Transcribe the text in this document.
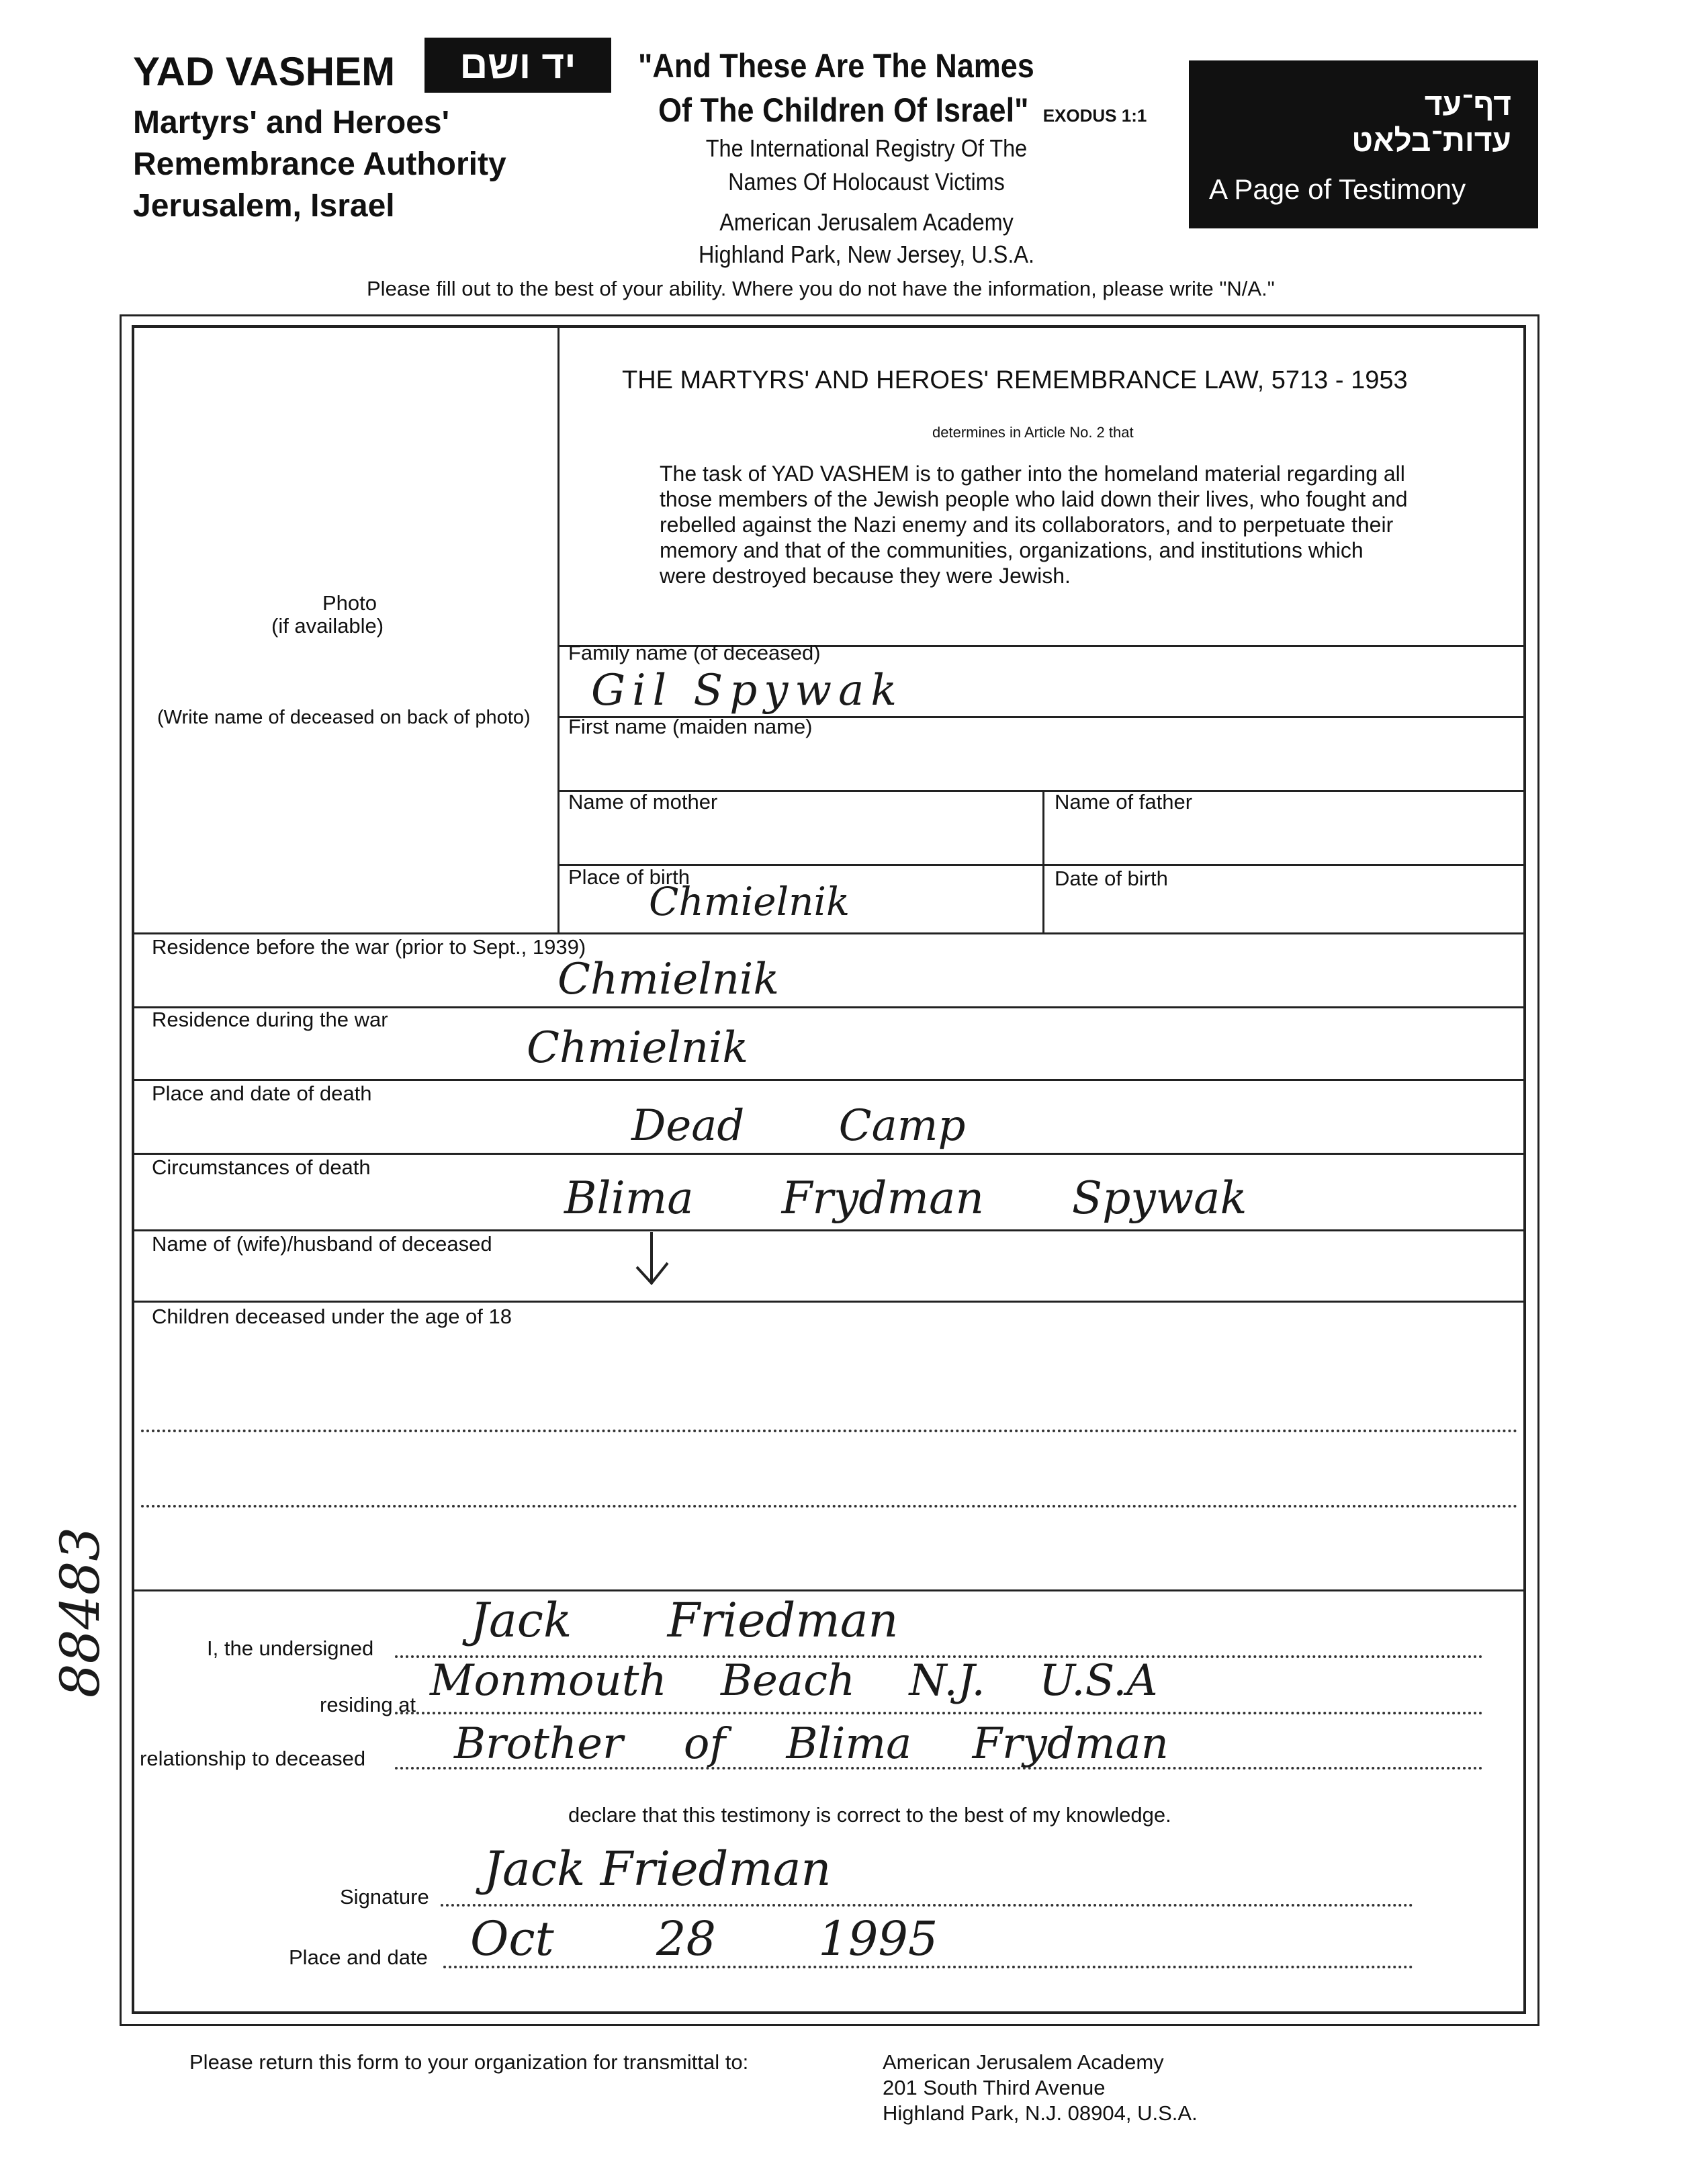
YAD VASHEM	יד ושם
Martyrs' and Heroes'
Remembrance Authority
Jerusalem, Israel
"And These Are The Names
Of The Children Of Israel" EXODUS 1:1
The International Registry Of The
Names Of Holocaust Victims
American Jerusalem Academy
Highland Park, New Jersey, U.S.A.
דף־עד
עדות־בלאט
A Page of Testimony
Please fill out to the best of your ability. Where you do not have the information, please write "N/A."
Photo
(if available)
(Write name of deceased on back of photo)
THE MARTYRS' AND HEROES' REMEMBRANCE LAW, 5713 - 1953
determines in Article No. 2 that
The task of YAD VASHEM is to gather into the homeland material regarding all
those members of the Jewish people who laid down their lives, who fought and
rebelled against the Nazi enemy and its collaborators, and to perpetuate their
memory and that of the communities, organizations, and institutions which
were destroyed because they were Jewish.
Family name (of deceased)
Gil Spywak
First name (maiden name)
Name of mother	Name of father
Place of birth
Chmielnik
Date of birth
Residence before the war (prior to Sept., 1939)
Chmielnik
Residence during the war
Chmielnik
Place and date of death
Dead Camp
Circumstances of death
Blima Frydman Spywak
Name of (wife)/husband of deceased
Children deceased under the age of 18
I, the undersigned
Jack Friedman
residing at Monmouth Beach N.J. U.S.A
relationship to deceased Brother of Blima Frydman
declare that this testimony is correct to the best of my knowledge.
Signature
Jack Friedman
Place and date Oct 28 1995
88483
Please return this form to your organization for transmittal to:	American Jerusalem Academy
201 South Third Avenue
Highland Park, N.J. 08904, U.S.A.
